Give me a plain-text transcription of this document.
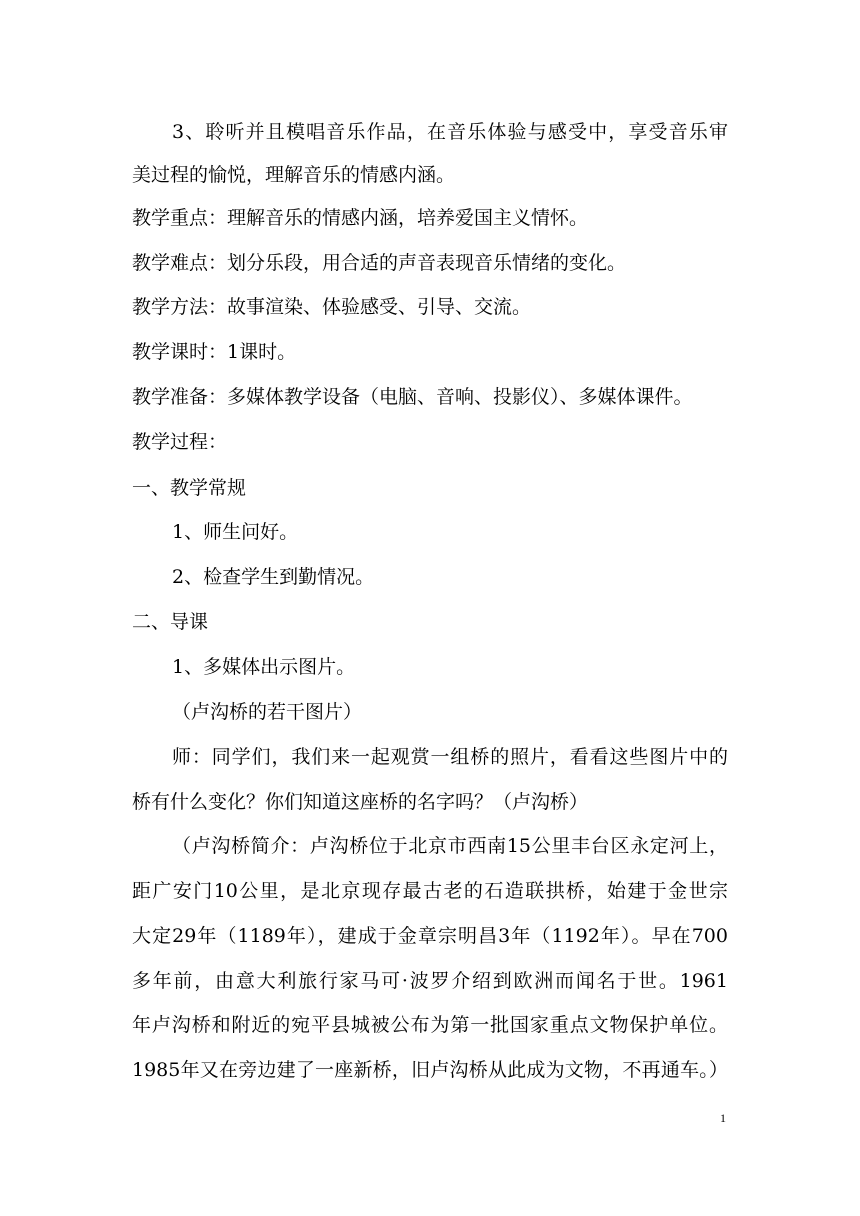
3、聆听并且模唱音乐作品，在音乐体验与感受中，享受音乐审
美过程的愉悦，理解音乐的情感内涵。
教学重点：理解音乐的情感内涵，培养爱国主义情怀。
教学难点：划分乐段，用合适的声音表现音乐情绪的变化。
教学方法：故事渲染、体验感受、引导、交流。
教学课时：1课时。
教学准备：多媒体教学设备（电脑、音响、投影仪）、多媒体课件。
教学过程：
一、教学常规
1、师生问好。
2、检查学生到勤情况。
二、导课
1、多媒体出示图片。
（卢沟桥的若干图片）
师：同学们，我们来一起观赏一组桥的照片，看看这些图片中的
桥有什么变化？你们知道这座桥的名字吗？（卢沟桥）
（卢沟桥简介：卢沟桥位于北京市西南15公里丰台区永定河上，
距广安门10公里，是北京现存最古老的石造联拱桥，始建于金世宗
大定29年（1189年），建成于金章宗明昌3年（1192年）。早在700
多年前，由意大利旅行家马可·波罗介绍到欧洲而闻名于世。1961
年卢沟桥和附近的宛平县城被公布为第一批国家重点文物保护单位。
1985年又在旁边建了一座新桥，旧卢沟桥从此成为文物，不再通车。）
1
